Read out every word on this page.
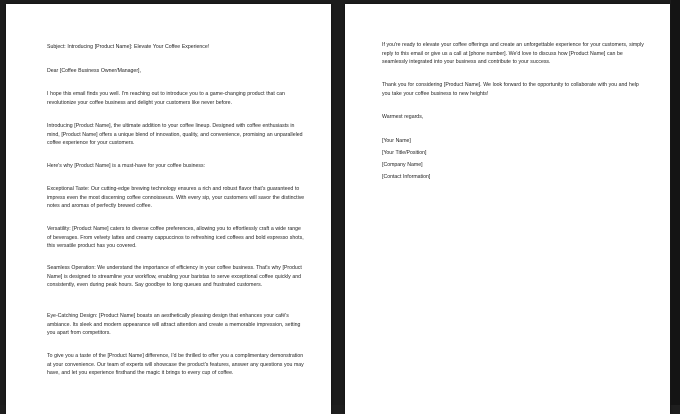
Subject: Introducing [Product Name]: Elevate Your Coffee Experience!

Dear [Coffee Business Owner/Manager],

I hope this email finds you well. I'm reaching out to introduce you to a game-changing product that can revolutionize your coffee business and delight your customers like never before.

Introducing [Product Name], the ultimate addition to your coffee lineup. Designed with coffee enthusiasts in mind, [Product Name] offers a unique blend of innovation, quality, and convenience, promising an unparalleled coffee experience for your customers.

Here's why [Product Name] is a must-have for your coffee business:

Exceptional Taste: Our cutting-edge brewing technology ensures a rich and robust flavor that's guaranteed to impress even the most discerning coffee connoisseurs. With every sip, your customers will savor the distinctive notes and aromas of perfectly brewed coffee.

Versatility: [Product Name] caters to diverse coffee preferences, allowing you to effortlessly craft a wide range of beverages. From velvety lattes and creamy cappuccinos to refreshing iced coffees and bold espresso shots, this versatile product has you covered.

Seamless Operation: We understand the importance of efficiency in your coffee business. That's why [Product Name] is designed to streamline your workflow, enabling your baristas to serve exceptional coffee quickly and consistently, even during peak hours. Say goodbye to long queues and frustrated customers.

Eye-Catching Design: [Product Name] boasts an aesthetically pleasing design that enhances your café's ambiance. Its sleek and modern appearance will attract attention and create a memorable impression, setting you apart from competitors.

To give you a taste of the [Product Name] difference, I'd be thrilled to offer you a complimentary demonstration at your convenience. Our team of experts will showcase the product's features, answer any questions you may have, and let you experience firsthand the magic it brings to every cup of coffee.

If you're ready to elevate your coffee offerings and create an unforgettable experience for your customers, simply reply to this email or give us a call at [phone number]. We'd love to discuss how [Product Name] can be seamlessly integrated into your business and contribute to your success.

Thank you for considering [Product Name]. We look forward to the opportunity to collaborate with you and help you take your coffee business to new heights!

Warmest regards,

[Your Name]

[Your Title/Position]

[Company Name]

[Contact Information]
